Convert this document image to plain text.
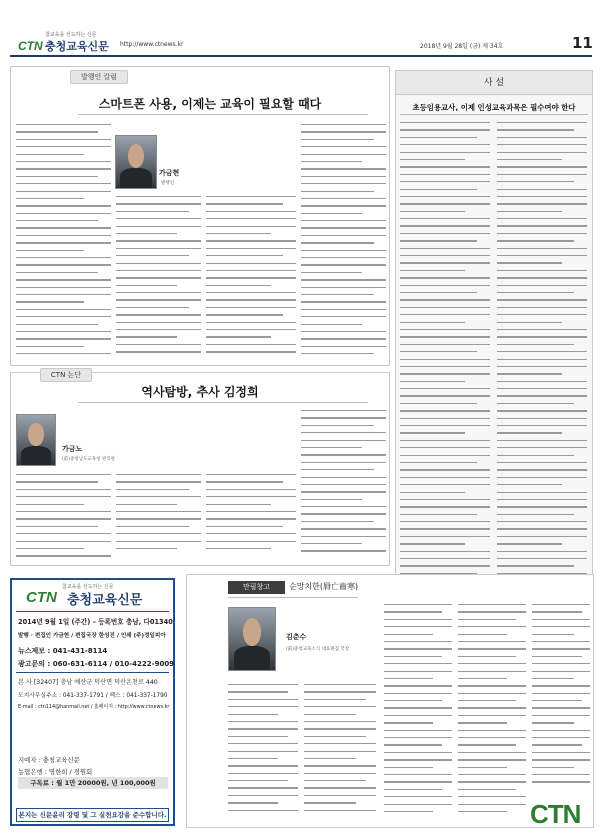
참교육을 선도하는 신문
CTN 충청교육신문 http://www.ctnews.kr	2018년 9월 28일 (금) 제 34호	11
발행인 칼럼
스마트폰 사용, 이제는 교육이 필요할 때다
가금현
발행인
사 설
초등임용교사, 이제 인성교육과목은 필수여야 한다
CTN 논단
역사탐방, 추사 김정희
가금노
(前)충청남도교육청 관리관
참교육을 선도하는 신문
CTN 충청교육신문
2014년 9월 1일 (주간) – 등록번호 충남, 다01340
발행 · 편집인 가금현 / 편집국장 한성진 / 인쇄 (주)정일피아
뉴스제보 : 041-431-8114
광고문의 : 060-631-6114 / 010-4222-9009
본 사 [32407] 충남 예산군 덕산면 덕산온천로 440
도지사무실주소 : 041-337-1791 / 팩스 : 041-337-1790
E-mail : ctn114@hanmail.net / 홈페이지 : http://www.ctnews.kr
구독료 : 월 1만 20000원, 년 100,000원
지예자 : 충청교육신문
농협은행 : 명한희 / 경원회
본지는 신문윤리 강령 및 그 실천요강을 준수합니다.
만필창고	순망치한(脣亡齒寒)
김춘수
(前)충청교육소식 대표편집 국장
CTN
